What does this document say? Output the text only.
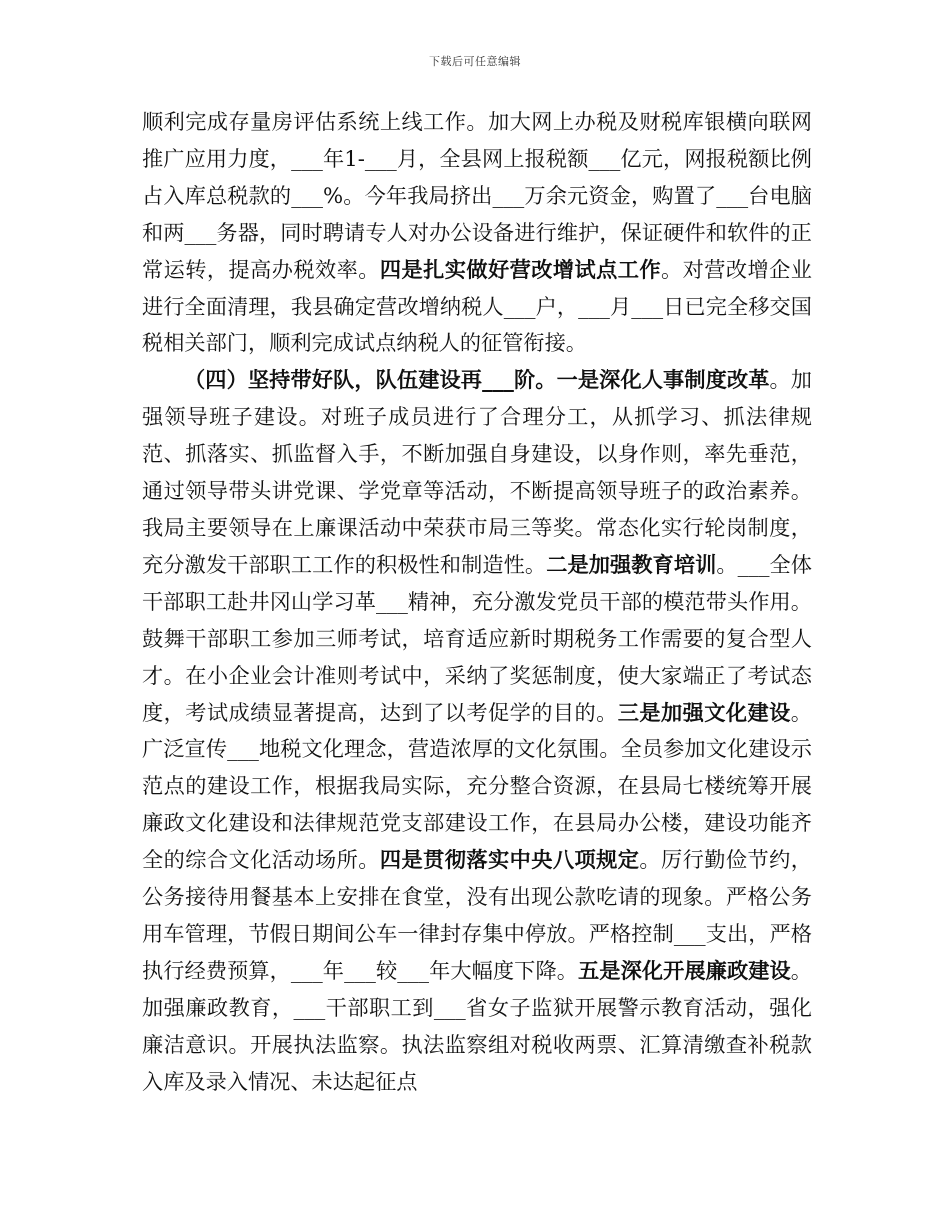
下载后可任意编辑

顺利完成存量房评估系统上线工作。加大网上办税及财税库银横向联网推广应用力度，___年1-___月，全县网上报税额___亿元，网报税额比例占入库总税款的___%。今年我局挤出___万余元资金，购置了___台电脑和两___务器，同时聘请专人对办公设备进行维护，保证硬件和软件的正常运转，提高办税效率。四是扎实做好营改增试点工作。对营改增企业进行全面清理，我县确定营改增纳税人___户，___月___日已完全移交国税相关部门，顺利完成试点纳税人的征管衔接。

（四）坚持带好队，队伍建设再___阶。一是深化人事制度改革。加强领导班子建设。对班子成员进行了合理分工，从抓学习、抓法律规范、抓落实、抓监督入手，不断加强自身建设，以身作则，率先垂范，通过领导带头讲党课、学党章等活动，不断提高领导班子的政治素养。我局主要领导在上廉课活动中荣获市局三等奖。常态化实行轮岗制度，充分激发干部职工工作的积极性和制造性。二是加强教育培训。___全体干部职工赴井冈山学习革___精神，充分激发党员干部的模范带头作用。鼓舞干部职工参加三师考试，培育适应新时期税务工作需要的复合型人才。在小企业会计准则考试中，采纳了奖惩制度，使大家端正了考试态度，考试成绩显著提高，达到了以考促学的目的。三是加强文化建设。广泛宣传___地税文化理念，营造浓厚的文化氛围。全员参加文化建设示范点的建设工作，根据我局实际，充分整合资源，在县局七楼统筹开展廉政文化建设和法律规范党支部建设工作，在县局办公楼，建设功能齐全的综合文化活动场所。四是贯彻落实中央八项规定。厉行勤俭节约，公务接待用餐基本上安排在食堂，没有出现公款吃请的现象。严格公务用车管理，节假日期间公车一律封存集中停放。严格控制___支出，严格执行经费预算，___年___较___年大幅度下降。五是深化开展廉政建设。加强廉政教育，___干部职工到___省女子监狱开展警示教育活动，强化廉洁意识。开展执法监察。执法监察组对税收两票、汇算清缴查补税款入库及录入情况、未达起征点
